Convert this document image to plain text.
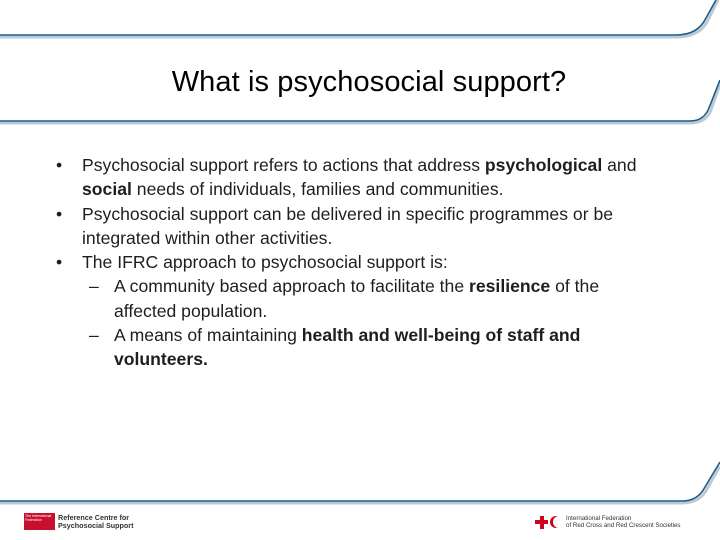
What is psychosocial support?

• Psychosocial support refers to actions that address psychological and social needs of individuals, families and communities.

• Psychosocial support can be delivered in specific programmes or be integrated within other activities.

• The IFRC approach to psychosocial support is:

– A community based approach to facilitate the resilience of the affected population.

– A means of maintaining health and well-being of staff and volunteers.

The International Federation	Reference Centre for
Psychosocial Support
International Federation
of Red Cross and Red Crescent Societies
